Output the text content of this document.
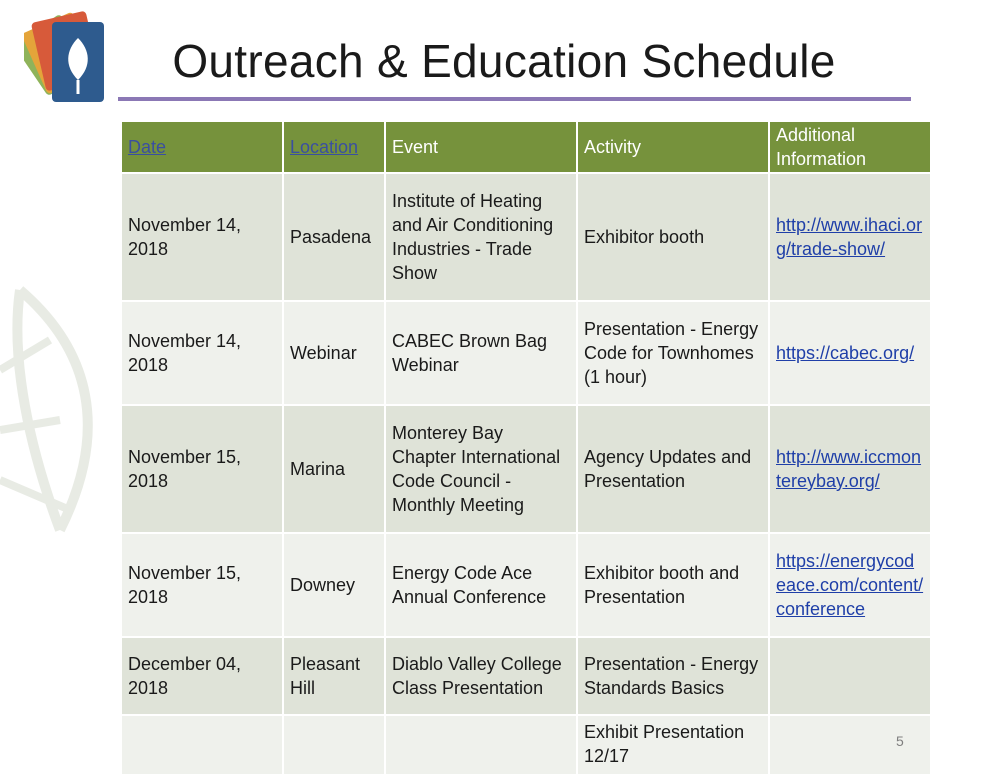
Outreach & Education Schedule
Date	Location	Event	Activity	Additional Information
November 14, 2018	Pasadena	Institute of Heating and Air Conditioning Industries - Trade Show	Exhibitor booth	http://www.ihaci.org/trade-show/
November 14, 2018	Webinar	CABEC Brown Bag Webinar	Presentation - Energy Code for Townhomes (1 hour)	https://cabec.org/
November 15, 2018	Marina	Monterey Bay Chapter International Code Council - Monthly Meeting	Agency Updates and Presentation	http://www.iccmontereybay.org/
November 15, 2018	Downey	Energy Code Ace Annual Conference	Exhibitor booth and Presentation	https://energycodeace.com/content/conference
December 04, 2018	Pleasant Hill	Diablo Valley College Class Presentation	Presentation - Energy Standards Basics	
			Exhibit Presentation 12/17	
5
